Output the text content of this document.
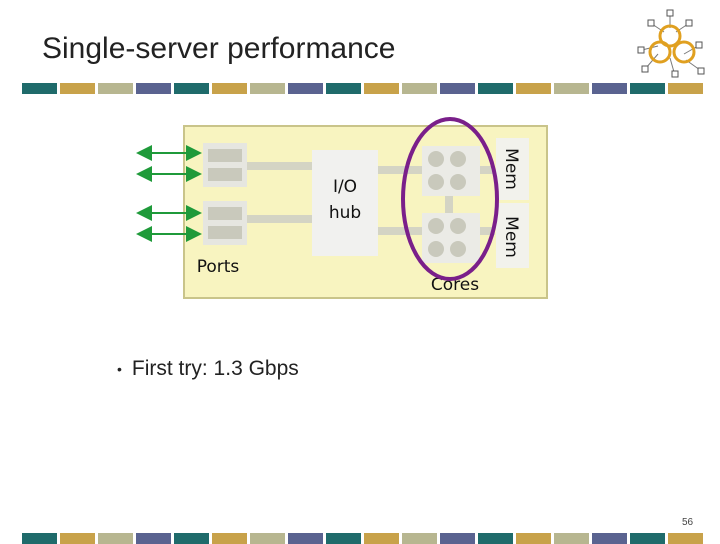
Single-server performance
I/O
hub
Ports
Cores
Mem
Mem
• First try: 1.3 Gbps
56
